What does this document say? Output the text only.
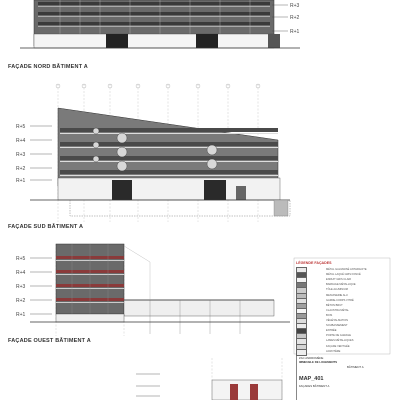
R+3
R+2
R+1
FAÇADE NORD BÂTIMENT A
R+5
R+4
R+3
R+2
R+1
FAÇADE SUD BÂTIMENT A
R+5
R+4
R+3
R+2
R+1
FAÇADE OUEST BÂTIMENT A
LÉGENDE FAÇADES
MÉTAL GALVANISÉ ANTHRACITE
MÉTAL LAQUÉ GRIS FONCÉ
ENDUIT GRIS CLAIR
BARDAGE MÉTALLIQUE
TÔLE ALUMINIUM
MENUISERIE ALU
GARDE-CORPS VITRÉ
BÉTON BRUT
CLAUSTRA MÉTAL
BOIS
VÉGÉTALISATION
SOUBASSEMENT
ENTRÉE
PORTE DE GARAGE
LAMES MÉTALLIQUES
FAÇADE VENTILÉE
ACROTÈRE
ZAC ANDROMÈDE
IMMEUBLE DE LOGEMENTS
BÂTIMENT A
MAP_401
FAÇADES BÂTIMENT A
